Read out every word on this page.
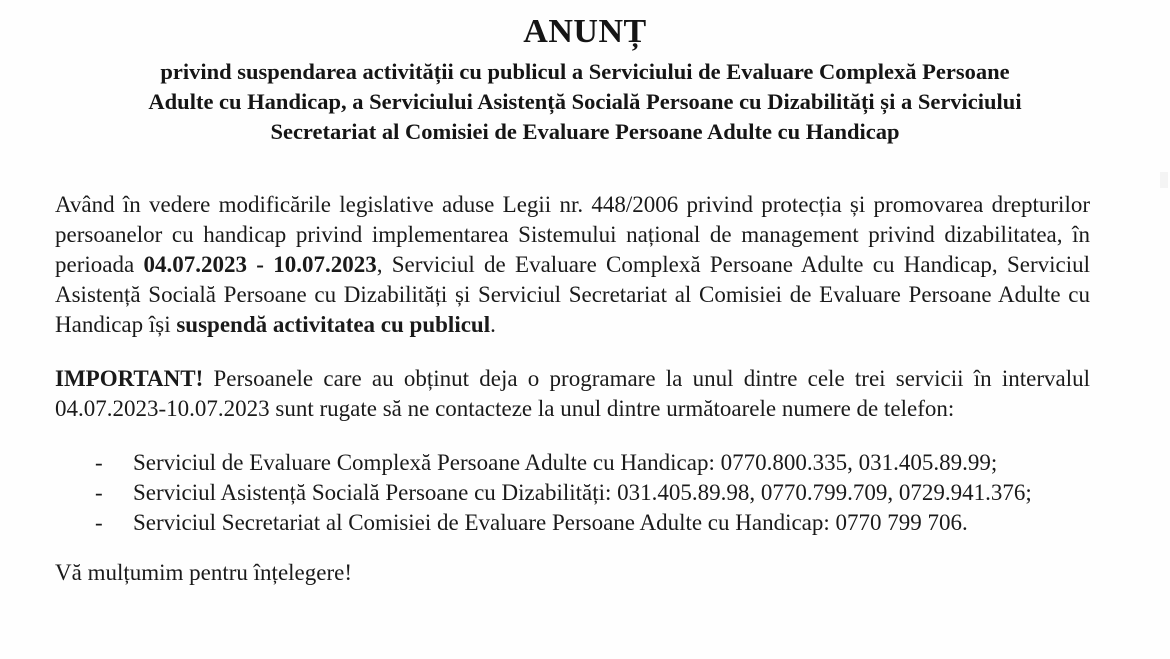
ANUNȚ
privind suspendarea activității cu publicul a Serviciului de Evaluare Complexă Persoane
Adulte cu Handicap, a Serviciului Asistență Socială Persoane cu Dizabilități și a Serviciului
Secretariat al Comisiei de Evaluare Persoane Adulte cu Handicap

Având în vedere modificările legislative aduse Legii nr. 448/2006 privind protecția și promovarea drepturilor persoanelor cu handicap privind implementarea Sistemului național de management privind dizabilitatea, în perioada 04.07.2023 - 10.07.2023, Serviciul de Evaluare Complexă Persoane Adulte cu Handicap, Serviciul Asistență Socială Persoane cu Dizabilități și Serviciul Secretariat al Comisiei de Evaluare Persoane Adulte cu Handicap își suspendă activitatea cu publicul.

IMPORTANT! Persoanele care au obținut deja o programare la unul dintre cele trei servicii în intervalul 04.07.2023-10.07.2023 sunt rugate să ne contacteze la unul dintre următoarele numere de telefon:

- Serviciul de Evaluare Complexă Persoane Adulte cu Handicap: 0770.800.335, 031.405.89.99;
- Serviciul Asistență Socială Persoane cu Dizabilități: 031.405.89.98, 0770.799.709, 0729.941.376;
- Serviciul Secretariat al Comisiei de Evaluare Persoane Adulte cu Handicap: 0770 799 706.

Vă mulțumim pentru înțelegere!
